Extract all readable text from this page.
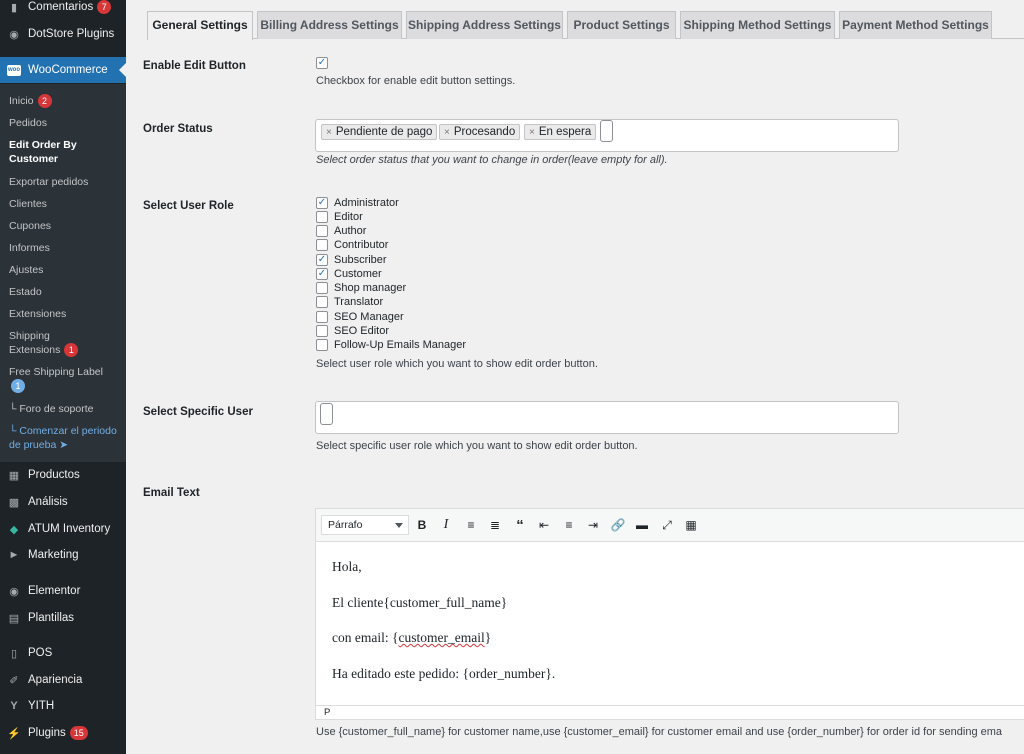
▮ Comentarios 7
◉ DotStore Plugins
woo WooCommerce
Inicio 2
Pedidos
Edit Order By Customer
Exportar pedidos
Clientes
Cupones
Informes
Ajustes
Estado
Extensiones
Shipping Extensions 1
Free Shipping Label
1
└ Foro de soporte
└ Comenzar el periodo de prueba ➤
▦ Productos
▩ Análisis
◆ ATUM Inventory
► Marketing
◉ Elementor
▤ Plantillas
▯ POS
✐ Apariencia
Y YITH
⚡ Plugins 15
General Settings	Billing Address Settings Shipping Address Settings	Product Settings	Shipping Method Settings Payment Method Settings
Enable Edit Button	✓
Checkbox for enable edit button settings.
Order Status	× Pendiente de pago	× Procesando	× En espera
Select order status that you want to change in order(leave empty for all).
Select User Role	✓ Administrator
Editor
Author
Contributor
✓ Subscriber
✓ Customer
Shop manager
Translator
SEO Manager
SEO Editor
Follow-Up Emails Manager
Select user role which you want to show edit order button.
Select Specific User
Select specific user role which you want to show edit order button.
Email Text
Párrafo	B	I	≡	≣	“	⇤	≡	⇥	🔗 ▬	⤢	▦
Hola,
El cliente{customer_full_name}
con email: {customer_email}
Ha editado este pedido: {order_number}.
P
Use {customer_full_name} for customer name,use {customer_email} for customer email and use {order_number} for order id for sending ema
